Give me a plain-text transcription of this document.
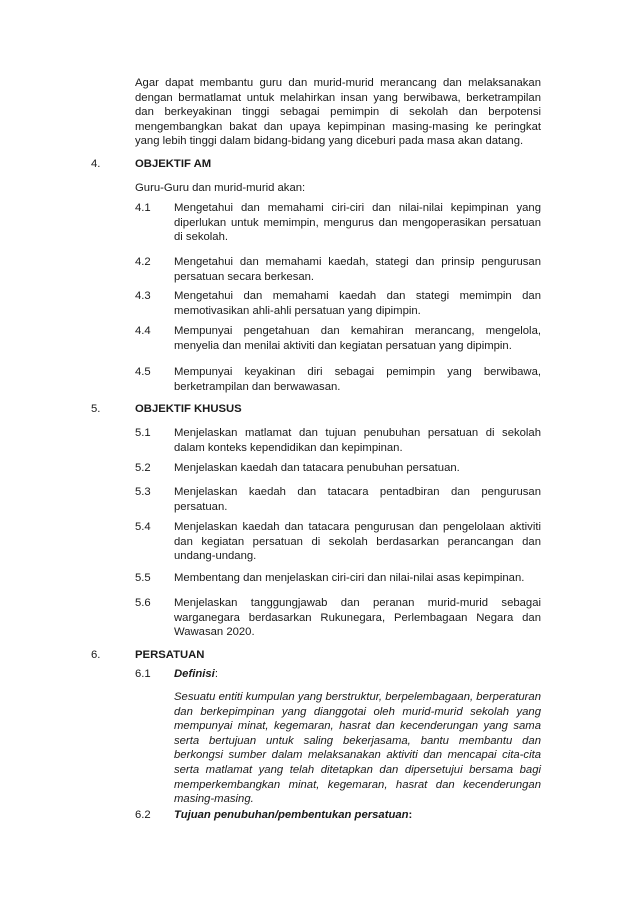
Agar dapat membantu guru dan murid-murid merancang dan melaksanakan dengan bermatlamat untuk melahirkan insan yang berwibawa, berketrampilan dan berkeyakinan tinggi sebagai pemimpin di sekolah dan berpotensi mengembangkan bakat dan upaya kepimpinan masing-masing ke peringkat yang lebih tinggi dalam bidang-bidang yang diceburi pada masa akan datang.

4.	OBJEKTIF AM
Guru-Guru dan murid-murid akan:
4.1 Mengetahui dan memahami ciri-ciri dan nilai-nilai kepimpinan yang diperlukan untuk memimpin, mengurus dan mengoperasikan persatuan di sekolah.

4.2 Mengetahui dan memahami kaedah, stategi dan prinsip pengurusan persatuan secara berkesan.

4.3 Mengetahui dan memahami kaedah dan stategi memimpin dan memotivasikan ahli-ahli persatuan yang dipimpin.

4.4 Mempunyai pengetahuan dan kemahiran merancang, mengelola, menyelia dan menilai aktiviti dan kegiatan persatuan yang dipimpin.

4.5 Mempunyai keyakinan diri sebagai pemimpin yang berwibawa, berketrampilan dan berwawasan.

5.	OBJEKTIF KHUSUS
5.1 Menjelaskan matlamat dan tujuan penubuhan persatuan di sekolah dalam konteks kependidikan dan kepimpinan.

5.2 Menjelaskan kaedah dan tatacara penubuhan persatuan.

5.3 Menjelaskan kaedah dan tatacara pentadbiran dan pengurusan persatuan.

5.4 Menjelaskan kaedah dan tatacara pengurusan dan pengelolaan aktiviti dan kegiatan persatuan di sekolah berdasarkan perancangan dan undang-undang.

5.5 Membentang dan menjelaskan ciri-ciri dan nilai-nilai asas kepimpinan.

5.6 Menjelaskan tanggungjawab dan peranan murid-murid sebagai warganegara berdasarkan Rukunegara, Perlembagaan Negara dan Wawasan 2020.

6.	PERSATUAN
6.1 Definisi:

Sesuatu entiti kumpulan yang berstruktur, berpelembagaan, berperaturan dan berkepimpinan yang dianggotai oleh murid-murid sekolah yang mempunyai minat, kegemaran, hasrat dan kecenderungan yang sama serta bertujuan untuk saling bekerjasama, bantu membantu dan berkongsi sumber dalam melaksanakan aktiviti dan mencapai cita-cita serta matlamat yang telah ditetapkan dan dipersetujui bersama bagi memperkembangkan minat, kegemaran, hasrat dan kecenderungan masing-masing.

6.2 Tujuan penubuhan/pembentukan persatuan:
